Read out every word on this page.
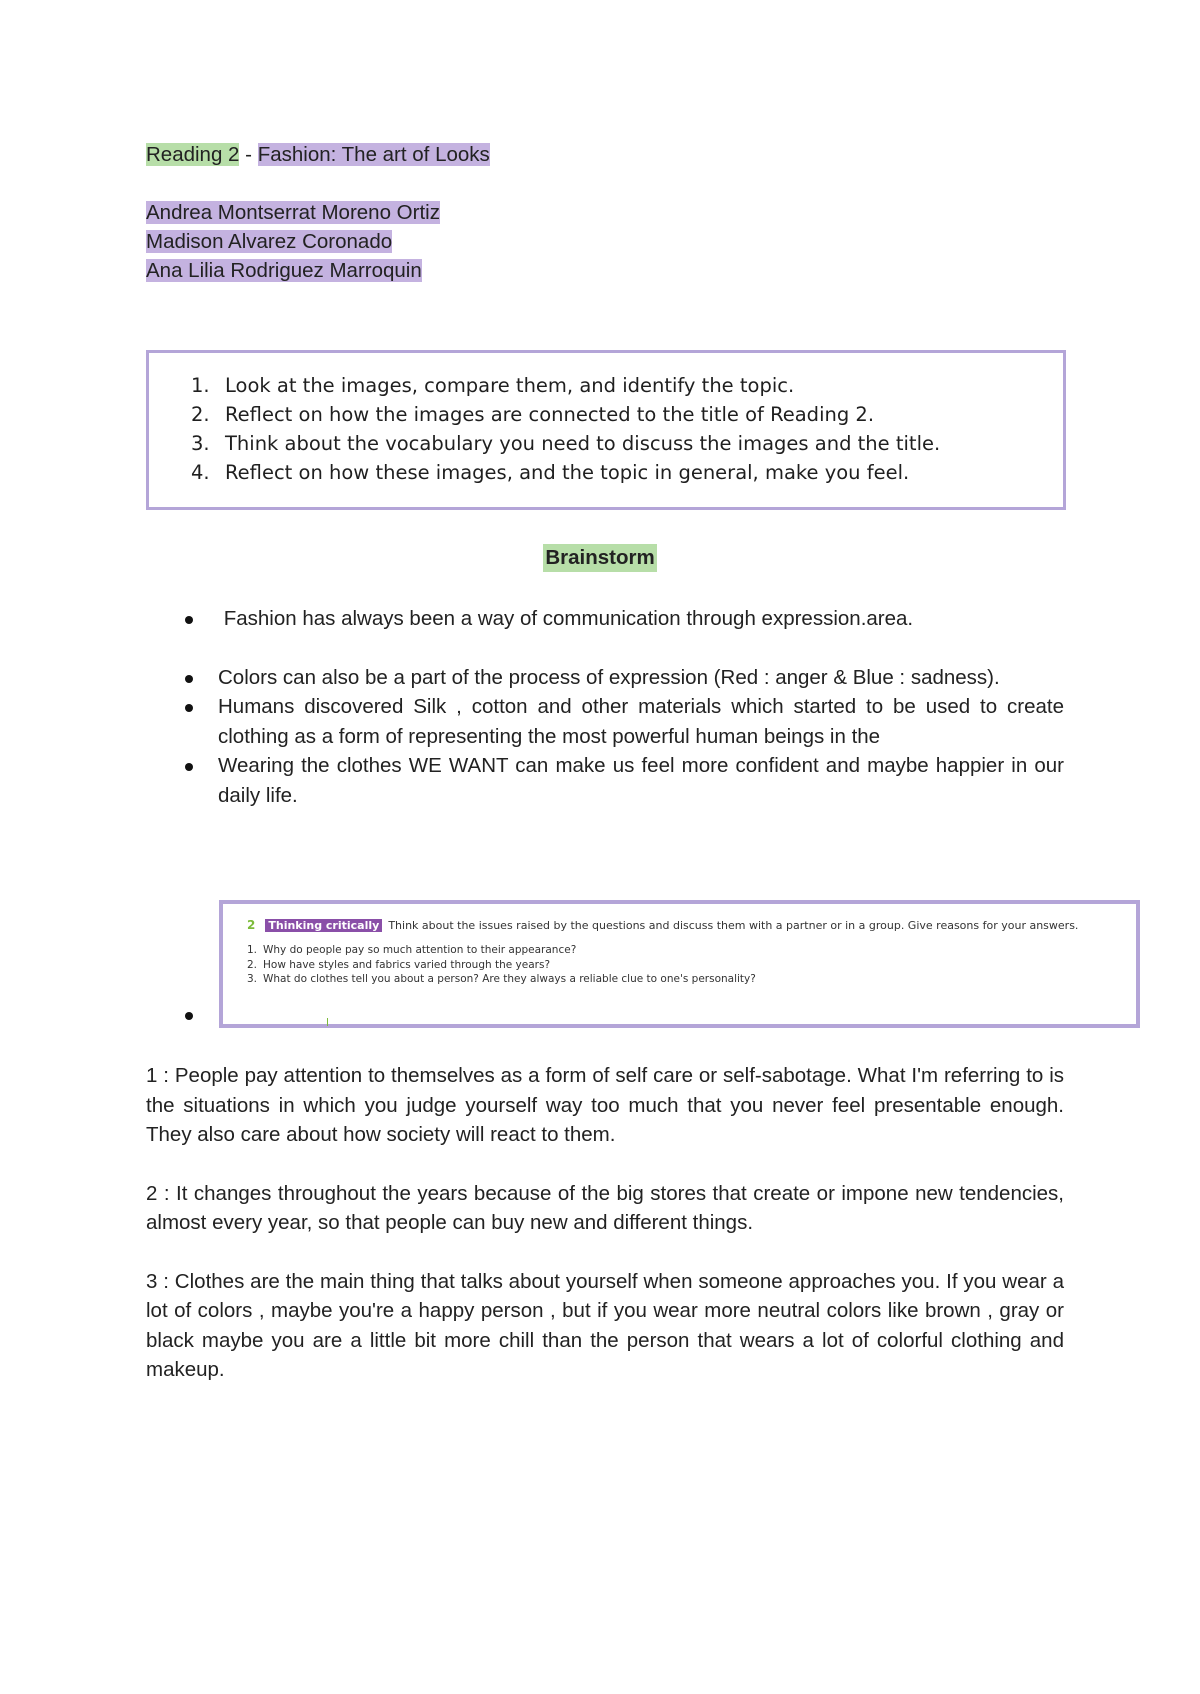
Reading 2 - Fashion: The art of Looks

Andrea Montserrat Moreno Ortiz

Madison Alvarez Coronado

Ana Lilia Rodriguez Marroquin

1. Look at the images, compare them, and identify the topic.
2. Reflect on how the images are connected to the title of Reading 2.
3. Think about the vocabulary you need to discuss the images and the title.
4. Reflect on how these images, and the topic in general, make you feel.
Brainstorm
Fashion has always been a way of communication through expression.area.
Colors can also be a part of the process of expression (Red : anger & Blue : sadness).
Humans discovered Silk , cotton and other materials which started to be used to create clothing as a form of representing the most powerful human beings in the
Wearing the clothes WE WANT can make us feel more confident and maybe happier in our daily life.
2 Thinking critically Think about the issues raised by the questions and discuss them with a partner or in a group. Give reasons for your answers.
1. Why do people pay so much attention to their appearance?
2. How have styles and fabrics varied through the years?
3. What do clothes tell you about a person? Are they always a reliable clue to one's personality?

1 : People pay attention to themselves as a form of self care or self-sabotage. What I'm referring to is the situations in which you judge yourself way too much that you never feel presentable enough. They also care about how society will react to them.

2 : It changes throughout the years because of the big stores that create or impone new tendencies, almost every year, so that people can buy new and different things.

3 : Clothes are the main thing that talks about yourself when someone approaches you. If you wear a lot of colors , maybe you're a happy person , but if you wear more neutral colors like brown , gray or black maybe you are a little bit more chill than the person that wears a lot of colorful clothing and makeup.
